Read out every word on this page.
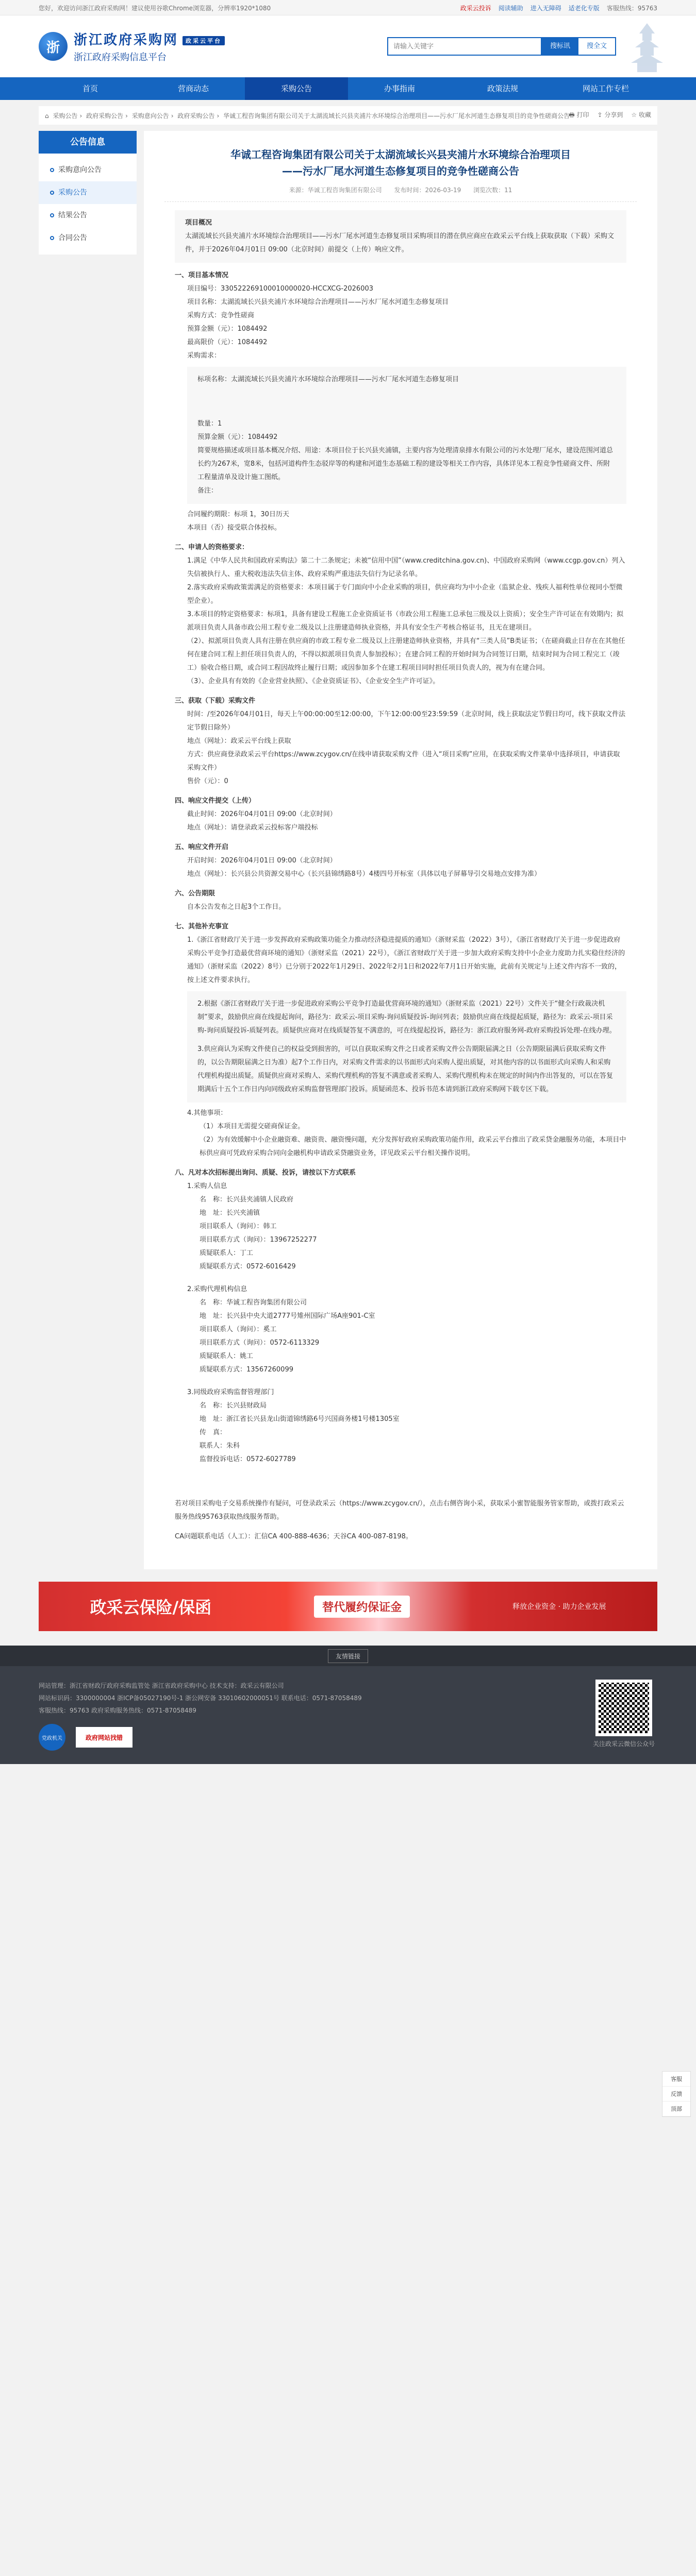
您好，欢迎访问浙江政府采购网！建议使用谷歌Chrome浏览器，分辨率1920*1080	政采云投诉 阅读辅助 进入无障碍 适老化专版 客服热线：95763
浙	浙江政府采购网 政采云平台
浙江政府采购信息平台
请输入关键字
搜标讯	搜全文
首页	营商动态	采购公告	办事指南	政策法规	网站工作专栏
⌂ 采购公告 › 政府采购公告 › 采购意向公告 › 政府采购公告 › 华诚工程咨询集团有限公司关于太湖流域长兴县夹浦片水环境综合治理项目——污水厂尾水河道生态修复项目的竞争性磋商公告
🖶 打印 ⇪ 分享到 ☆ 收藏
公告信息
采购意向公告
采购公告
结果公告
合同公告
华诚工程咨询集团有限公司关于太湖流域长兴县夹浦片水环境综合治理项目
——污水厂尾水河道生态修复项目的竞争性磋商公告
来源：华诚工程咨询集团有限公司 发布时间：2026-03-19 浏览次数：11
项目概况
太湖流域长兴县夹浦片水环境综合治理项目——污水厂尾水河道生态修复项目采购项目的潜在供应商应在政采云平台线上获取获取（下载）采购文件，并于2026年04月01日 09:00（北京时间）前提交（上传）响应文件。
一、项目基本情况
项目编号：330522269100010000020-HCCXCG-2026003
项目名称：太湖流域长兴县夹浦片水环境综合治理项目——污水厂尾水河道生态修复项目
采购方式：竞争性磋商
预算金额（元）：1084492
最高限价（元）：1084492
采购需求：
标项名称：太湖流域长兴县夹浦片水环境综合治理项目——污水厂尾水河道生态修复项目
数量：1
预算金额（元）：1084492
简要规格描述或项目基本概况介绍、用途：本项目位于长兴县夹浦镇，主要内容为处理清泉排水有限公司的污水处理厂尾水，建设范围河道总长约为267米，宽8米，包括河道构件生态驳岸等的构建和河道生态基础工程的建设等相关工作内容，具体详见本工程竞争性磋商文件、所附工程量清单及设计施工图纸。
备注：
合同履约期限：标项 1，30日历天
本项目（否）接受联合体投标。
二、申请人的资格要求：
1.满足《中华人民共和国政府采购法》第二十二条规定；未被“信用中国”（www.creditchina.gov.cn)、中国政府采购网（www.ccgp.gov.cn）列入失信被执行人、重大税收违法失信主体、政府采购严重违法失信行为记录名单。
2.落实政府采购政策需满足的资格要求：本项目属于专门面向中小企业采购的项目，供应商均为中小企业（监狱企业、残疾人福利性单位视同小型微型企业）。
3.本项目的特定资格要求：标项1，具备有建设工程施工企业资质证书（市政公用工程施工总承包三级及以上资质）；安全生产许可证在有效期内；拟派项目负责人具备市政公用工程专业二级及以上注册建造师执业资格，并具有安全生产考核合格证书，且无在建项目。
（2）、拟派项目负责人具有注册在供应商的市政工程专业二级及以上注册建造师执业资格，并具有“三类人员”B类证书；（在磋商截止日存在在其他任何在建合同工程上担任项目负责人的，不得以拟派项目负责人参加投标）；在建合同工程的开始时间为合同签订日期，结束时间为合同工程完工（竣工）验收合格日期，或合同工程因故终止履行日期；或因参加多个在建工程项目同时担任项目负责人的，视为有在建合同。
（3）、企业具有有效的《企业营业执照》、《企业资质证书》、《企业安全生产许可证》。
三、获取（下载）采购文件
时间：/至2026年04月01日，每天上午00:00:00至12:00:00，下午12:00:00至23:59:59（北京时间，线上获取法定节假日均可，线下获取文件法定节假日除外）
地点（网址）：政采云平台线上获取
方式：供应商登录政采云平台https://www.zcygov.cn/在线申请获取采购文件（进入“项目采购”应用，在获取采购文件菜单中选择项目，申请获取采购文件）
售价（元）：0
四、响应文件提交（上传）
截止时间：2026年04月01日 09:00（北京时间）
地点（网址）：请登录政采云投标客户端投标
五、响应文件开启
开启时间：2026年04月01日 09:00（北京时间）
地点（网址）：长兴县公共资源交易中心（长兴县锦绣路8号）4楼四号开标室（具体以电子屏幕导引交易地点安排为准）
六、公告期限
自本公告发布之日起3个工作日。
七、其他补充事宜
1.《浙江省财政厅关于进一步发挥政府采购政策功能全力推动经济稳进提质的通知》（浙财采监（2022）3号），《浙江省财政厅关于进一步促进政府采购公平竞争打造最优营商环境的通知》（浙财采监（2021）22号），《浙江省财政厅关于进一步加大政府采购支持中小企业力度助力扎实稳住经济的通知》（浙财采监（2022）8号）已分别于2022年1月29日、2022年2月1日和2022年7月1日开始实施，此前有关规定与上述文件内容不一致的，按上述文件要求执行。
2.根据《浙江省财政厅关于进一步促进政府采购公平竞争打造最优营商环境的通知》（浙财采监（2021）22号）文件关于“健全行政裁决机制”要求，鼓励供应商在线提起询问，路径为：政采云-项目采购-询问质疑投诉-询问列表；鼓励供应商在线提起质疑，路径为：政采云-项目采购-询问质疑投诉-质疑列表。质疑供应商对在线质疑答复不满意的，可在线提起投诉，路径为：浙江政府服务网-政府采购投诉处理-在线办理。
3.供应商认为采购文件使自己的权益受到损害的，可以自获取采购文件之日或者采购文件公告期限届满之日（公告期限届满后获取采购文件的，以公告期限届满之日为准）起7个工作日内，对采购文件需求的以书面形式向采购人提出质疑，对其他内容的以书面形式向采购人和采购代理机构提出质疑。质疑供应商对采购人、采购代理机构的答复不满意或者采购人、采购代理机构未在规定的时间内作出答复的，可以在答复期满后十五个工作日内向同级政府采购监督管理部门投诉。质疑函范本、投诉书范本请到浙江政府采购网下载专区下载。
4.其他事项：
（1）本项目无需提交磋商保证金。
（2）为有效缓解中小企业融资难、融资贵、融资慢问题，充分发挥好政府采购政策功能作用，政采云平台推出了政采贷金融服务功能，本项目中标供应商可凭政府采购合同向金融机构申请政采贷融资业务，详见政采云平台相关操作说明。
八、凡对本次招标提出询问、质疑、投诉，请按以下方式联系
1.采购人信息
名　称：长兴县夹浦镇人民政府
地　址：长兴夹浦镇
项目联系人（询问）：韩工
项目联系方式（询问）：13967252277
质疑联系人：丁工
质疑联系方式：0572-6016429
2.采购代理机构信息
名　称：华诚工程咨询集团有限公司
地　址：长兴县中央大道2777号雉州国际广场A座901-C室
项目联系人（询问）：奚工
项目联系方式（询问）：0572-6113329
质疑联系人：姚工
质疑联系方式：13567260099
3.同级政府采购监督管理部门
名　称：长兴县财政局
地　址：浙江省长兴县龙山街道锦绣路6号兴国商务楼1号楼1305室
传　真：
联系人：朱科
监督投诉电话：0572-6027789
若对项目采购电子交易系统操作有疑问，可登录政采云（https://www.zcygov.cn/），点击右侧咨询小采，获取采小蜜智能服务管家帮助，或拨打政采云服务热线95763获取热线服务帮助。
CA问题联系电话（人工）：汇信CA 400-888-4636；天谷CA 400-087-8198。
政采云保险/保函	替代履约保证金	释放企业资金 · 助力企业发展
友情链接
网站管理：浙江省财政厅政府采购监管处 浙江省政府采购中心 技术支持：政采云有限公司
网站标识码：3300000004 浙ICP备05027190号-1 浙公网安备 33010602000051号 联系电话：0571-87058489
客服热线：95763 政府采购服务热线：0571-87058489
党政机关	政府网站找错
关注政采云微信公众号
客服
反馈
顶部
